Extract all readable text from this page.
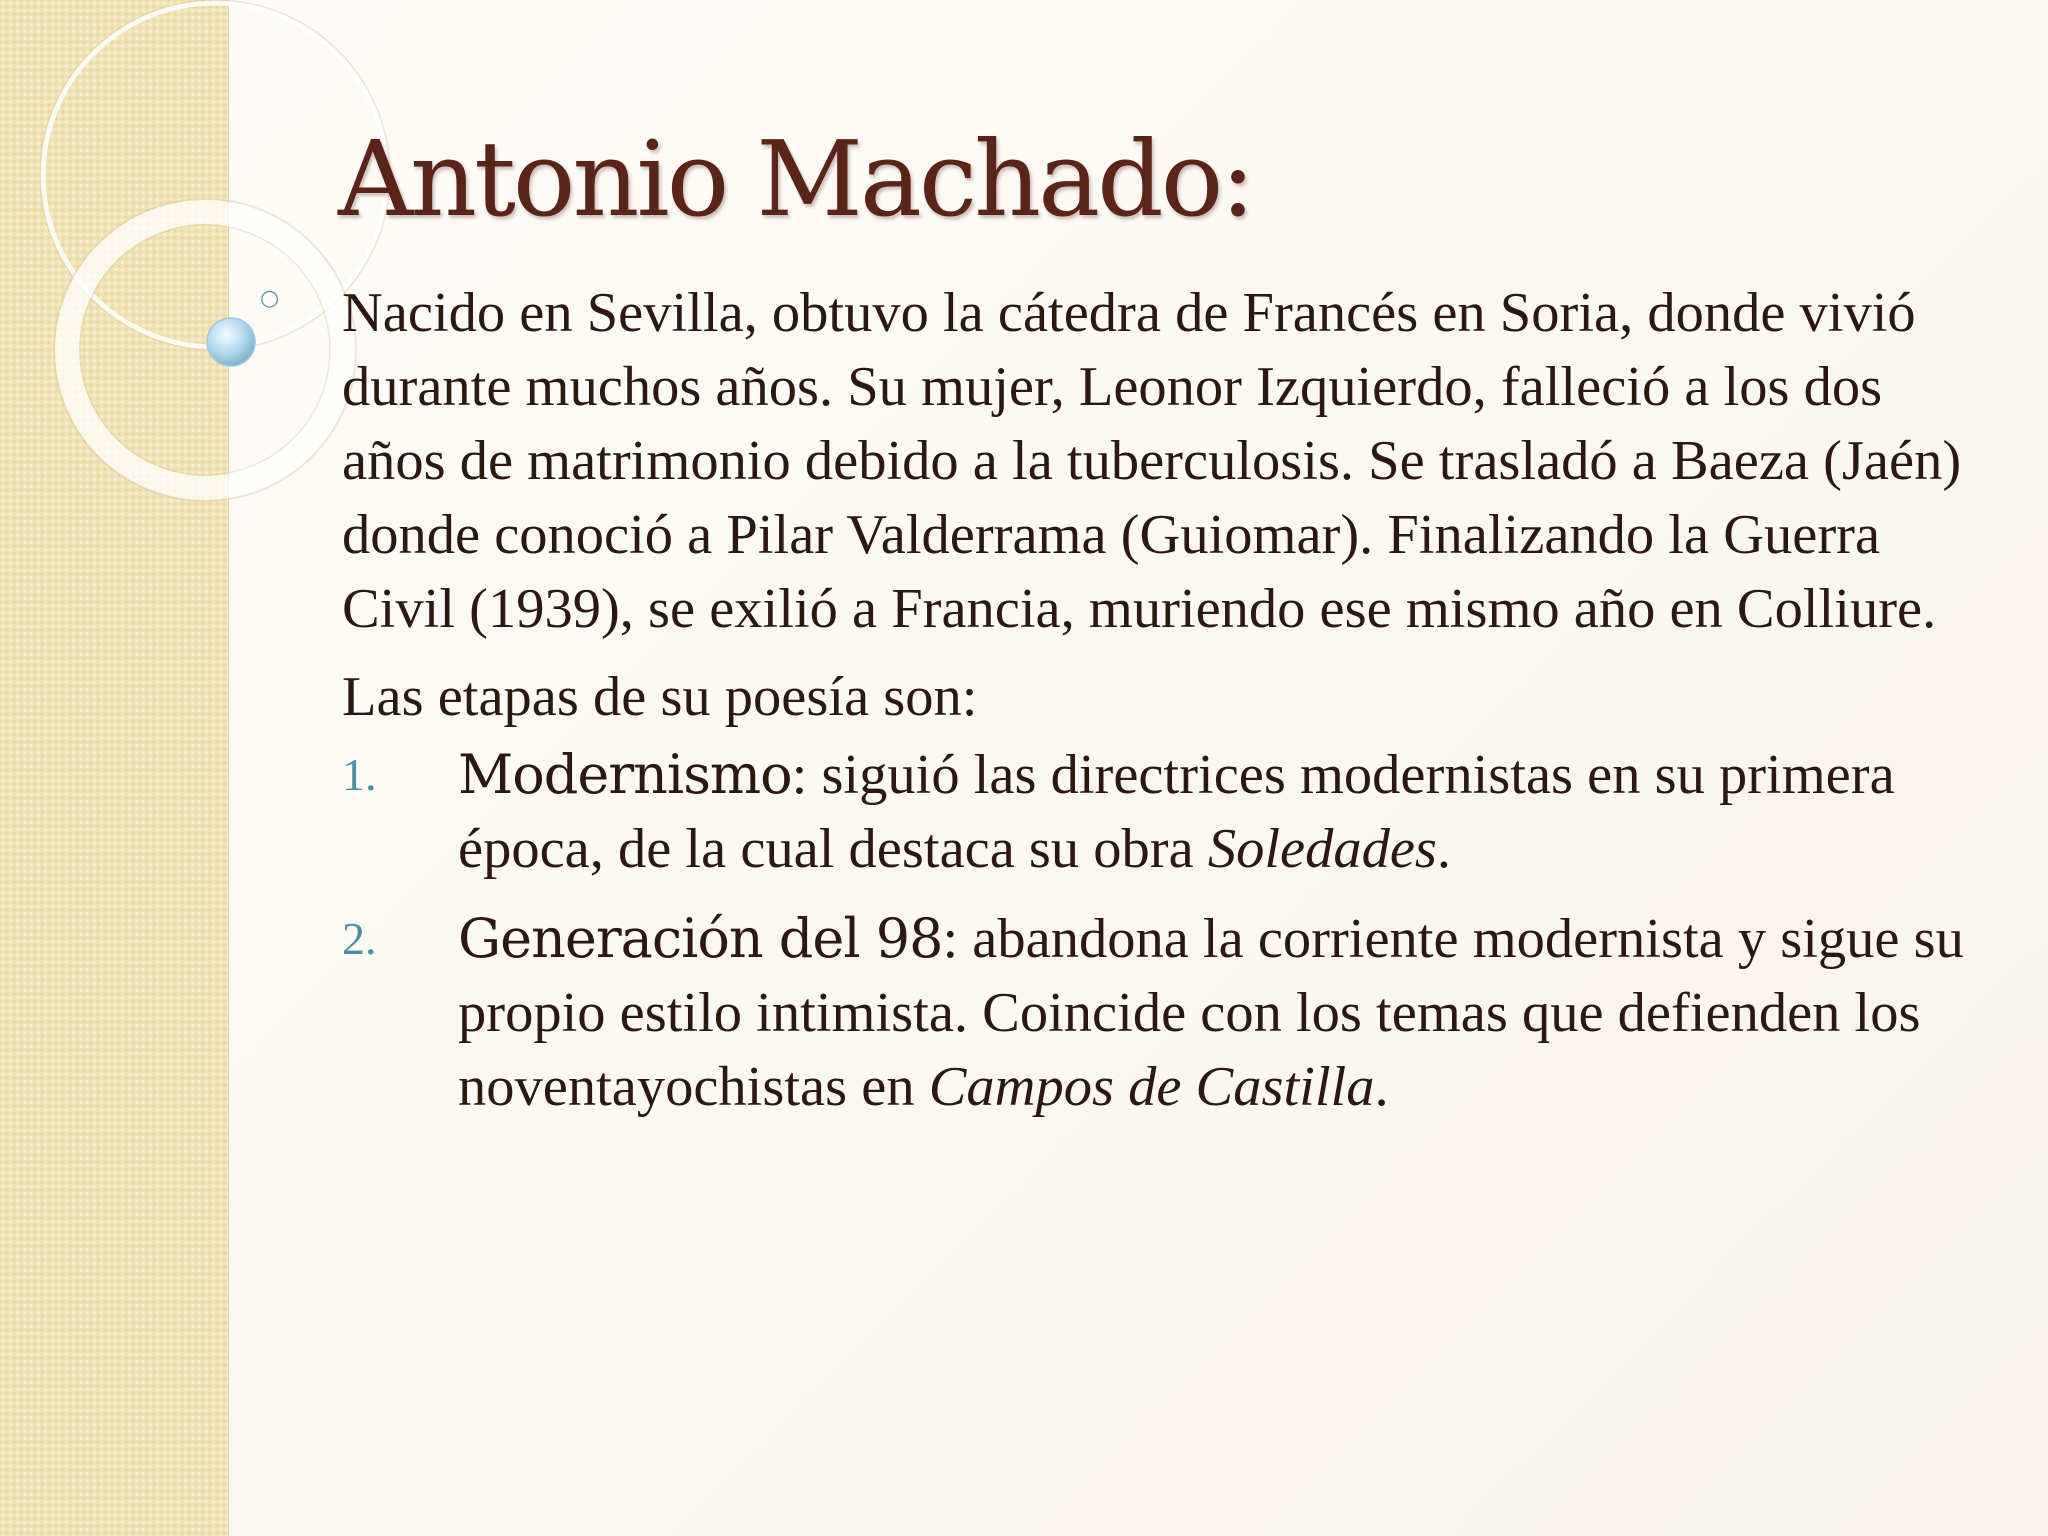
Antonio Machado:

○ Nacido en Sevilla, obtuvo la cátedra de Francés en Soria, donde vivió durante muchos años. Su mujer, Leonor Izquierdo, falleció a los dos años de matrimonio debido a la tuberculosis. Se trasladó a Baeza (Jaén) donde conoció a Pilar Valderrama (Guiomar). Finalizando la Guerra Civil (1939), se exilió a Francia, muriendo ese mismo año en Colliure.

Las etapas de su poesía son:

1. Modernismo: siguió las directrices modernistas en su primera época, de la cual destaca su obra Soledades.
2. Generación del 98: abandona la corriente modernista y sigue su propio estilo intimista. Coincide con los temas que defienden los noventayochistas en Campos de Castilla.
